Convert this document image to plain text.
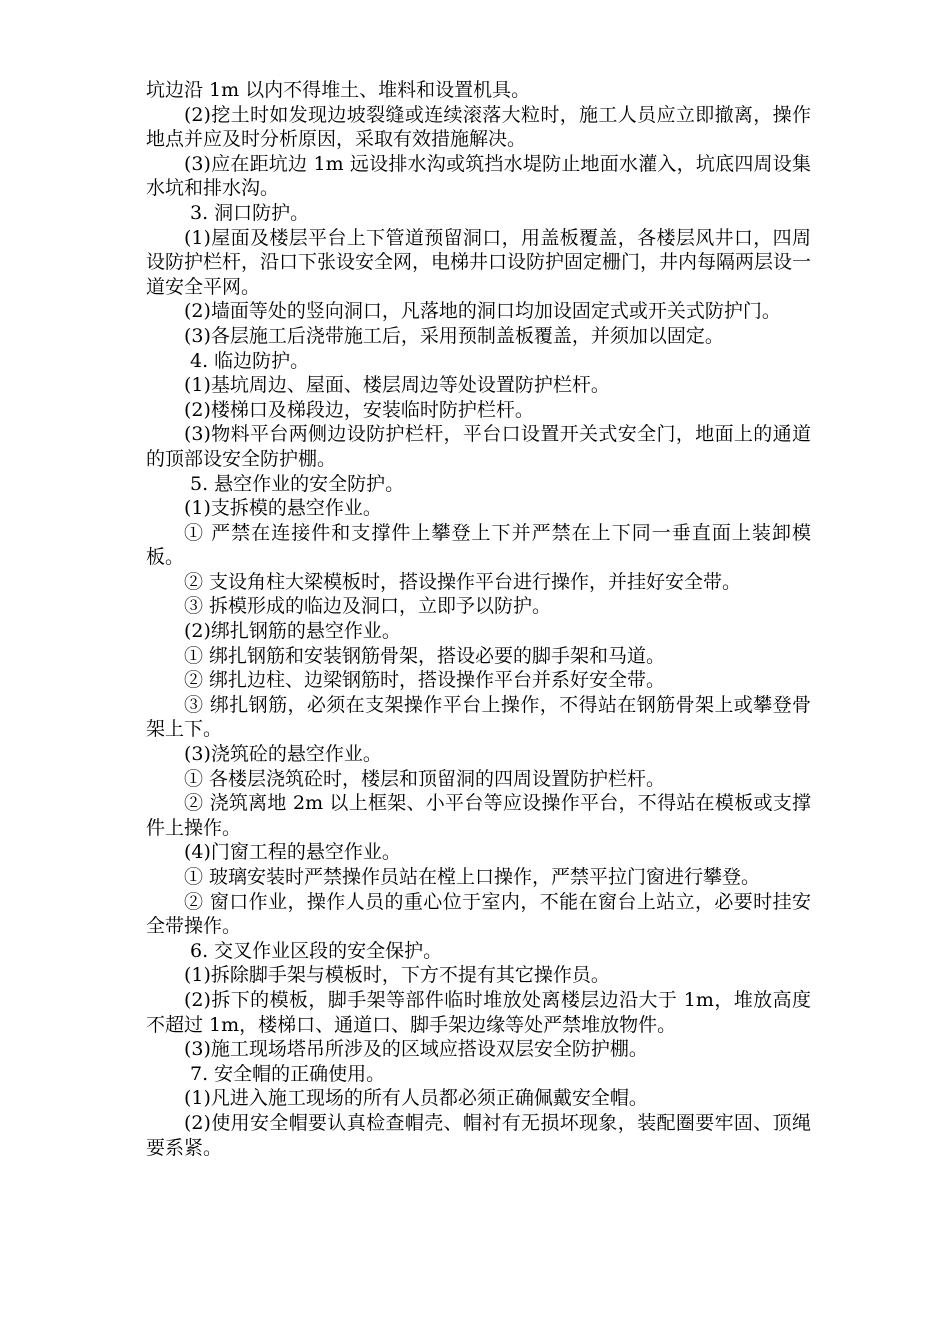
坑边沿 1m 以内不得堆土、堆料和设置机具。

(2)挖土时如发现边坡裂缝或连续滚落大粒时，施工人员应立即撤离，操作地点并应及时分析原因，采取有效措施解决。

(3)应在距坑边 1m 远设排水沟或筑挡水堤防止地面水灌入，坑底四周设集水坑和排水沟。

3. 洞口防护。

(1)屋面及楼层平台上下管道预留洞口，用盖板覆盖，各楼层风井口，四周设防护栏杆，沿口下张设安全网，电梯井口设防护固定栅门，井内每隔两层设一道安全平网。

(2)墙面等处的竖向洞口，凡落地的洞口均加设固定式或开关式防护门。

(3)各层施工后浇带施工后，采用预制盖板覆盖，并须加以固定。

4. 临边防护。

(1)基坑周边、屋面、楼层周边等处设置防护栏杆。

(2)楼梯口及梯段边，安装临时防护栏杆。

(3)物料平台两侧边设防护栏杆，平台口设置开关式安全门，地面上的通道的顶部设安全防护棚。

5. 悬空作业的安全防护。

(1)支拆模的悬空作业。

① 严禁在连接件和支撑件上攀登上下并严禁在上下同一垂直面上装卸模板。

② 支设角柱大梁模板时，搭设操作平台进行操作，并挂好安全带。

③ 拆模形成的临边及洞口，立即予以防护。

(2)绑扎钢筋的悬空作业。

① 绑扎钢筋和安装钢筋骨架，搭设必要的脚手架和马道。

② 绑扎边柱、边梁钢筋时，搭设操作平台并系好安全带。

③ 绑扎钢筋，必须在支架操作平台上操作，不得站在钢筋骨架上或攀登骨架上下。

(3)浇筑砼的悬空作业。

① 各楼层浇筑砼时，楼层和顶留洞的四周设置防护栏杆。

② 浇筑离地 2m 以上框架、小平台等应设操作平台，不得站在模板或支撑件上操作。

(4)门窗工程的悬空作业。

① 玻璃安装时严禁操作员站在樘上口操作，严禁平拉门窗进行攀登。

② 窗口作业，操作人员的重心位于室内，不能在窗台上站立，必要时挂安全带操作。

6. 交叉作业区段的安全保护。

(1)拆除脚手架与模板时，下方不提有其它操作员。

(2)拆下的模板，脚手架等部件临时堆放处离楼层边沿大于 1m，堆放高度不超过 1m，楼梯口、通道口、脚手架边缘等处严禁堆放物件。

(3)施工现场塔吊所涉及的区域应搭设双层安全防护棚。

7. 安全帽的正确使用。

(1)凡进入施工现场的所有人员都必须正确佩戴安全帽。

(2)使用安全帽要认真检查帽壳、帽衬有无损坏现象，装配圈要牢固、顶绳要系紧。
